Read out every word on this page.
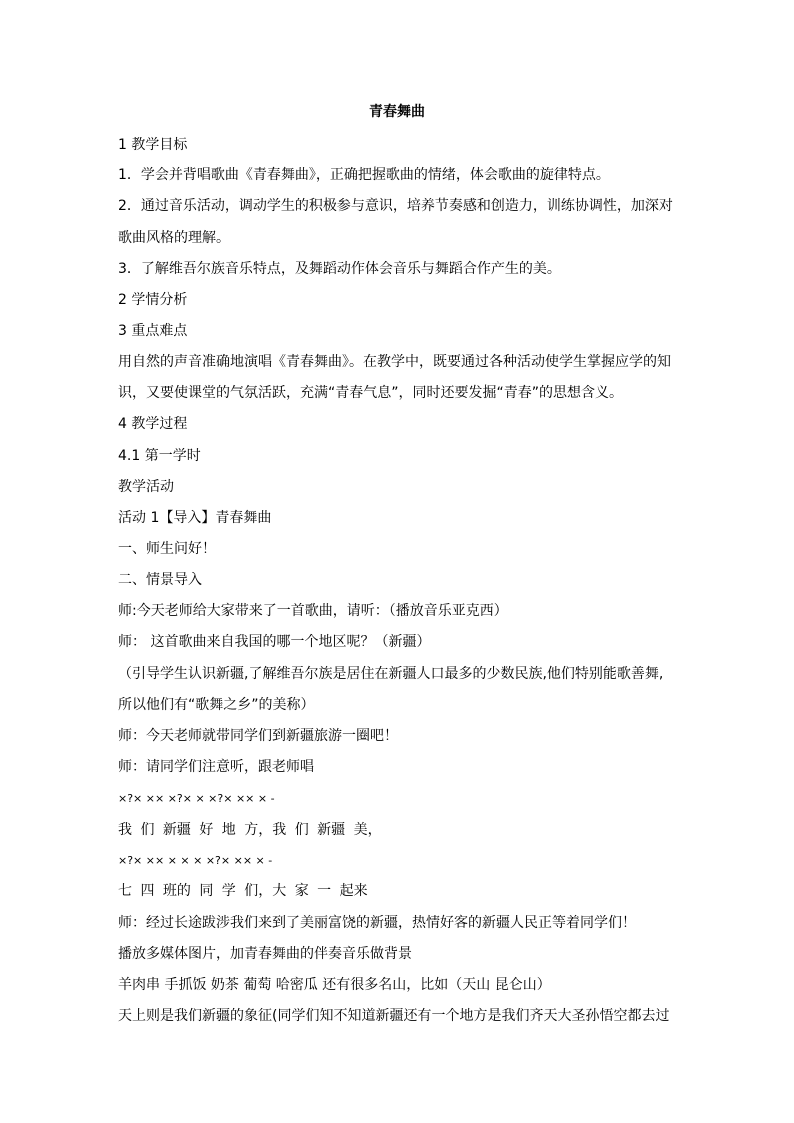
青春舞曲
1 教学目标
1．学会并背唱歌曲《青春舞曲》，正确把握歌曲的情绪，体会歌曲的旋律特点。
2．通过音乐活动，调动学生的积极参与意识，培养节奏感和创造力，训练协调性，加深对
歌曲风格的理解。
3．了解维吾尔族音乐特点，及舞蹈动作体会音乐与舞蹈合作产生的美。
2 学情分析
3 重点难点
用自然的声音准确地演唱《青春舞曲》。在教学中，既要通过各种活动使学生掌握应学的知
识，又要使课堂的气氛活跃，充满“青春气息”，同时还要发掘“青春”的思想含义。
4 教学过程
4.1 第一学时
教学活动
活动 1【导入】青春舞曲
一、师生问好！
二、情景导入
师:今天老师给大家带来了一首歌曲，请听：（播放音乐亚克西）
师： 这首歌曲来自我国的哪一个地区呢？（新疆）
（引导学生认识新疆,了解维吾尔族是居住在新疆人口最多的少数民族,他们特别能歌善舞,
所以他们有“歌舞之乡”的美称）
师：今天老师就带同学们到新疆旅游一圈吧！
师：请同学们注意听，跟老师唱
×?× ×× ×?× × ×?× ×× × -
我 们 新疆 好 地 方，我 们 新疆 美，
×?× ×× × × × ×?× ×× × -
七 四 班的 同 学 们，大 家 一 起来
师：经过长途跋涉我们来到了美丽富饶的新疆，热情好客的新疆人民正等着同学们！
播放多媒体图片，加青春舞曲的伴奏音乐做背景
羊肉串 手抓饭 奶茶 葡萄 哈密瓜 还有很多名山，比如（天山 昆仑山）
天上则是我们新疆的象征(同学们知不知道新疆还有一个地方是我们齐天大圣孙悟空都去过
